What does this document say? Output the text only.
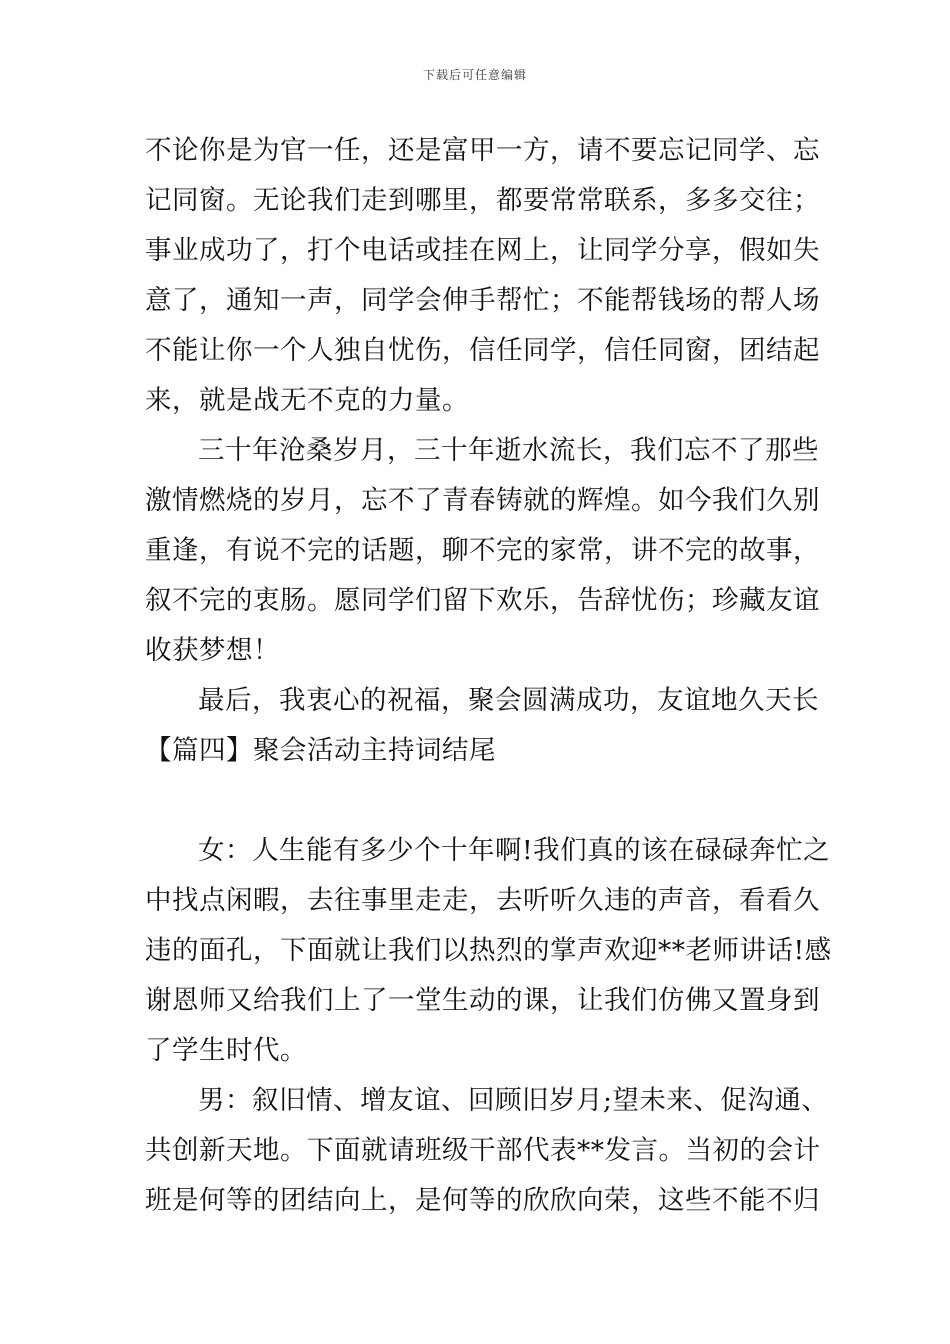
下载后可任意编辑
不论你是为官一任，还是富甲一方，请不要忘记同学、忘
记同窗。无论我们走到哪里，都要常常联系，多多交往；
事业成功了，打个电话或挂在网上，让同学分享，假如失
意了，通知一声，同学会伸手帮忙；不能帮钱场的帮人场
不能让你一个人独自忧伤，信任同学，信任同窗，团结起
来，就是战无不克的力量。
三十年沧桑岁月，三十年逝水流长，我们忘不了那些
激情燃烧的岁月，忘不了青春铸就的辉煌。如今我们久别
重逢，有说不完的话题，聊不完的家常，讲不完的故事，
叙不完的衷肠。愿同学们留下欢乐，告辞忧伤；珍藏友谊
收获梦想！
最后，我衷心的祝福，聚会圆满成功，友谊地久天长
【篇四】聚会活动主持词结尾
女：人生能有多少个十年啊!我们真的该在碌碌奔忙之
中找点闲暇，去往事里走走，去听听久违的声音，看看久
违的面孔，下面就让我们以热烈的掌声欢迎**老师讲话!感
谢恩师又给我们上了一堂生动的课，让我们仿佛又置身到
了学生时代。
男：叙旧情、增友谊、回顾旧岁月;望未来、促沟通、
共创新天地。下面就请班级干部代表**发言。当初的会计
班是何等的团结向上，是何等的欣欣向荣，这些不能不归
